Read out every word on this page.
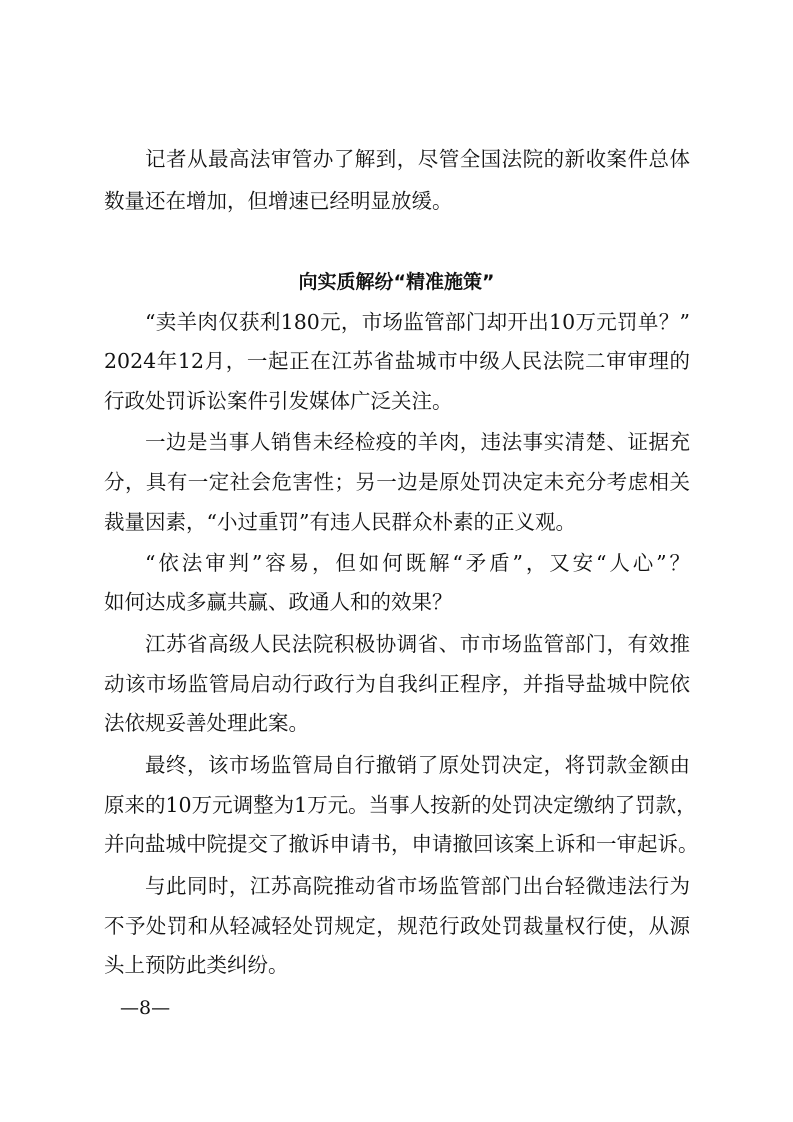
记者从最高法审管办了解到，尽管全国法院的新收案件总体
数量还在增加，但增速已经明显放缓。
向实质解纷“精准施策”
“卖羊肉仅获利180元，市场监管部门却开出10万元罚单？”
2024年12月，一起正在江苏省盐城市中级人民法院二审审理的
行政处罚诉讼案件引发媒体广泛关注。
一边是当事人销售未经检疫的羊肉，违法事实清楚、证据充
分，具有一定社会危害性；另一边是原处罚决定未充分考虑相关
裁量因素，“小过重罚”有违人民群众朴素的正义观。
“依法审判”容易，但如何既解“矛盾”，又安“人心”？
如何达成多赢共赢、政通人和的效果？
江苏省高级人民法院积极协调省、市市场监管部门，有效推
动该市场监管局启动行政行为自我纠正程序，并指导盐城中院依
法依规妥善处理此案。
最终，该市场监管局自行撤销了原处罚决定，将罚款金额由
原来的10万元调整为1万元。当事人按新的处罚决定缴纳了罚款，
并向盐城中院提交了撤诉申请书，申请撤回该案上诉和一审起诉。
与此同时，江苏高院推动省市场监管部门出台轻微违法行为
不予处罚和从轻减轻处罚规定，规范行政处罚裁量权行使，从源
头上预防此类纠纷。
—8—
